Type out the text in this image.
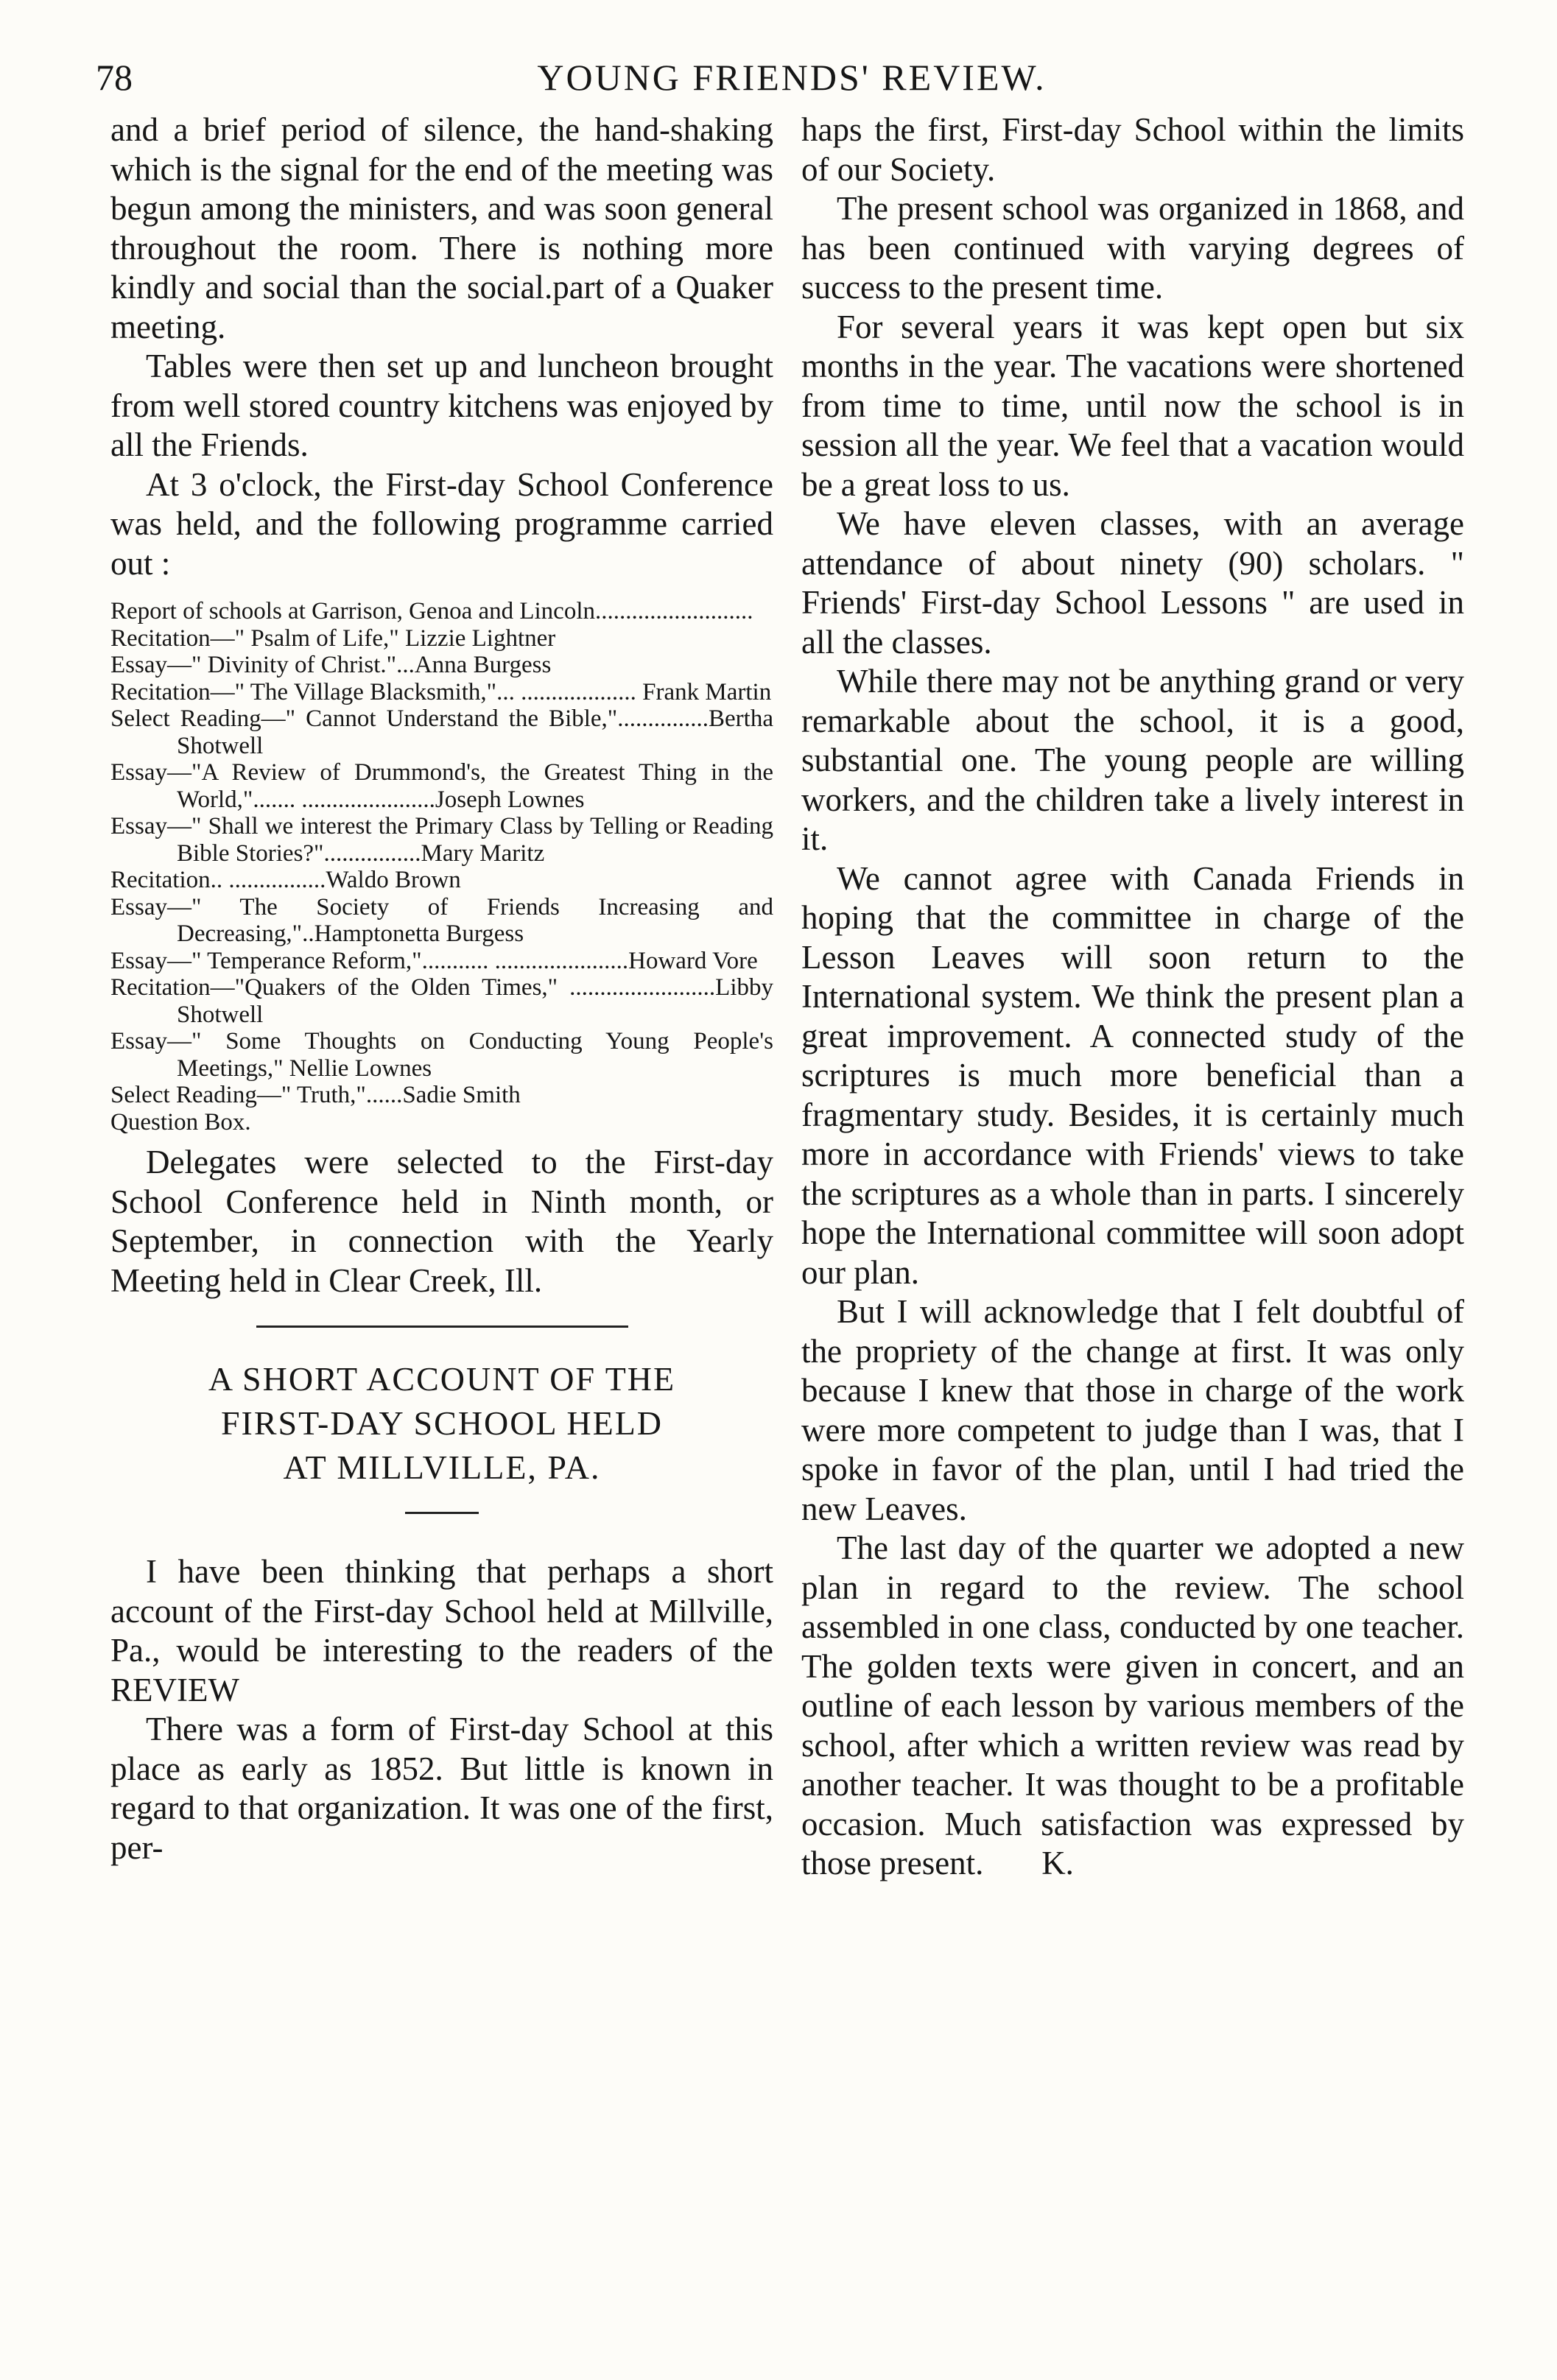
78	YOUNG FRIENDS' REVIEW.

and a brief period of silence, the hand-shaking which is the signal for the end of the meeting was begun among the ministers, and was soon general throughout the room. There is nothing more kindly and social than the social.part of a Quaker meeting.

Tables were then set up and luncheon brought from well stored country kitchens was enjoyed by all the Friends.

At 3 o'clock, the First-day School Conference was held, and the following programme carried out :

Report of schools at Garrison, Genoa and Lincoln..........................
Recitation—" Psalm of Life," Lizzie Lightner
Essay—" Divinity of Christ."...Anna Burgess
Recitation—" The Village Blacksmith,"... ................... Frank Martin
Select Reading—" Cannot Understand the Bible,"...............Bertha Shotwell
Essay—"A Review of Drummond's, the Greatest Thing in the World,"....... ......................Joseph Lownes
Essay—" Shall we interest the Primary Class by Telling or Reading Bible Stories?"................Mary Maritz
Recitation.. ................Waldo Brown
Essay—" The Society of Friends Increasing and Decreasing,"..Hamptonetta Burgess
Essay—" Temperance Reform,"........... ......................Howard Vore
Recitation—"Quakers of the Olden Times," ........................Libby Shotwell
Essay—" Some Thoughts on Conducting Young People's Meetings," Nellie Lownes
Select Reading—" Truth,"......Sadie Smith
Question Box.

Delegates were selected to the First-day School Conference held in Ninth month, or September, in connection with the Yearly Meeting held in Clear Creek, Ill.

A SHORT ACCOUNT OF THE
FIRST-DAY SCHOOL HELD
AT MILLVILLE, PA.

I have been thinking that perhaps a short account of the First-day School held at Millville, Pa., would be interesting to the readers of the REVIEW

There was a form of First-day School at this place as early as 1852. But little is known in regard to that organization. It was one of the first, per-

haps the first, First-day School within the limits of our Society.

The present school was organized in 1868, and has been continued with varying degrees of success to the present time.

For several years it was kept open but six months in the year. The vacations were shortened from time to time, until now the school is in session all the year. We feel that a vacation would be a great loss to us.

We have eleven classes, with an average attendance of about ninety (90) scholars. " Friends' First-day School Lessons " are used in all the classes.

While there may not be anything grand or very remarkable about the school, it is a good, substantial one. The young people are willing workers, and the children take a lively interest in it.

We cannot agree with Canada Friends in hoping that the committee in charge of the Lesson Leaves will soon return to the International system. We think the present plan a great improvement. A connected study of the scriptures is much more beneficial than a fragmentary study. Besides, it is certainly much more in accordance with Friends' views to take the scriptures as a whole than in parts. I sincerely hope the International committee will soon adopt our plan.

But I will acknowledge that I felt doubtful of the propriety of the change at first. It was only because I knew that those in charge of the work were more competent to judge than I was, that I spoke in favor of the plan, until I had tried the new Leaves.

The last day of the quarter we adopted a new plan in regard to the review. The school assembled in one class, conducted by one teacher. The golden texts were given in concert, and an outline of each lesson by various members of the school, after which a written review was read by another teacher. It was thought to be a profitable occasion. Much satisfaction was expressed by those present. K.
